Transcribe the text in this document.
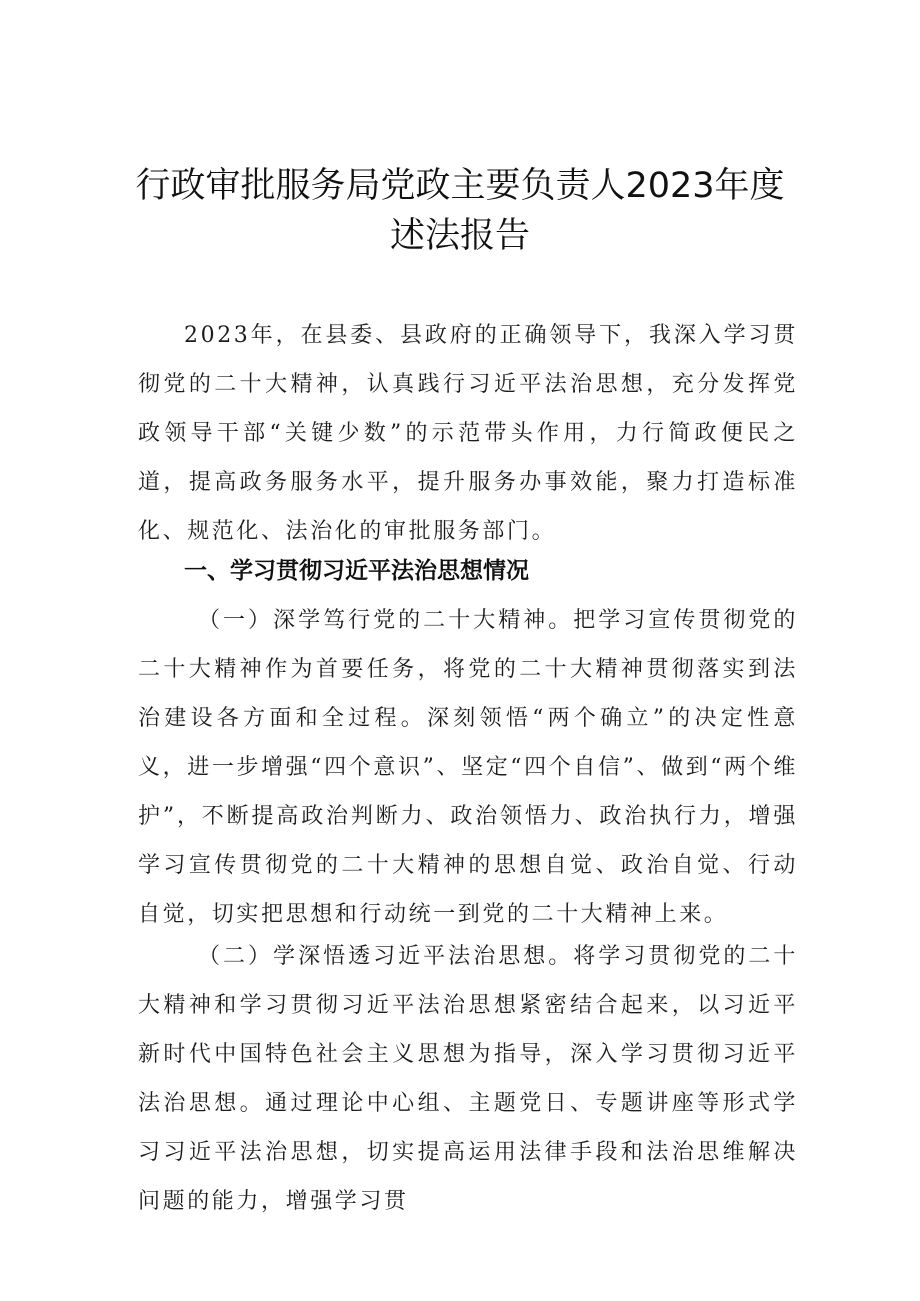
行政审批服务局党政主要负责人2023年度
述法报告

2023年，在县委、县政府的正确领导下，我深入学习贯彻党的二十大精神，认真践行习近平法治思想，充分发挥党政领导干部“关键少数”的示范带头作用，力行简政便民之道，提高政务服务水平，提升服务办事效能，聚力打造标准化、规范化、法治化的审批服务部门。

一、学习贯彻习近平法治思想情况

（一）深学笃行党的二十大精神。把学习宣传贯彻党的二十大精神作为首要任务，将党的二十大精神贯彻落实到法治建设各方面和全过程。深刻领悟“两个确立”的决定性意义，进一步增强“四个意识”、坚定“四个自信”、做到“两个维护”，不断提高政治判断力、政治领悟力、政治执行力，增强学习宣传贯彻党的二十大精神的思想自觉、政治自觉、行动自觉，切实把思想和行动统一到党的二十大精神上来。

（二）学深悟透习近平法治思想。将学习贯彻党的二十大精神和学习贯彻习近平法治思想紧密结合起来，以习近平新时代中国特色社会主义思想为指导，深入学习贯彻习近平法治思想。通过理论中心组、主题党日、专题讲座等形式学习习近平法治思想，切实提高运用法律手段和法治思维解决问题的能力，增强学习贯
